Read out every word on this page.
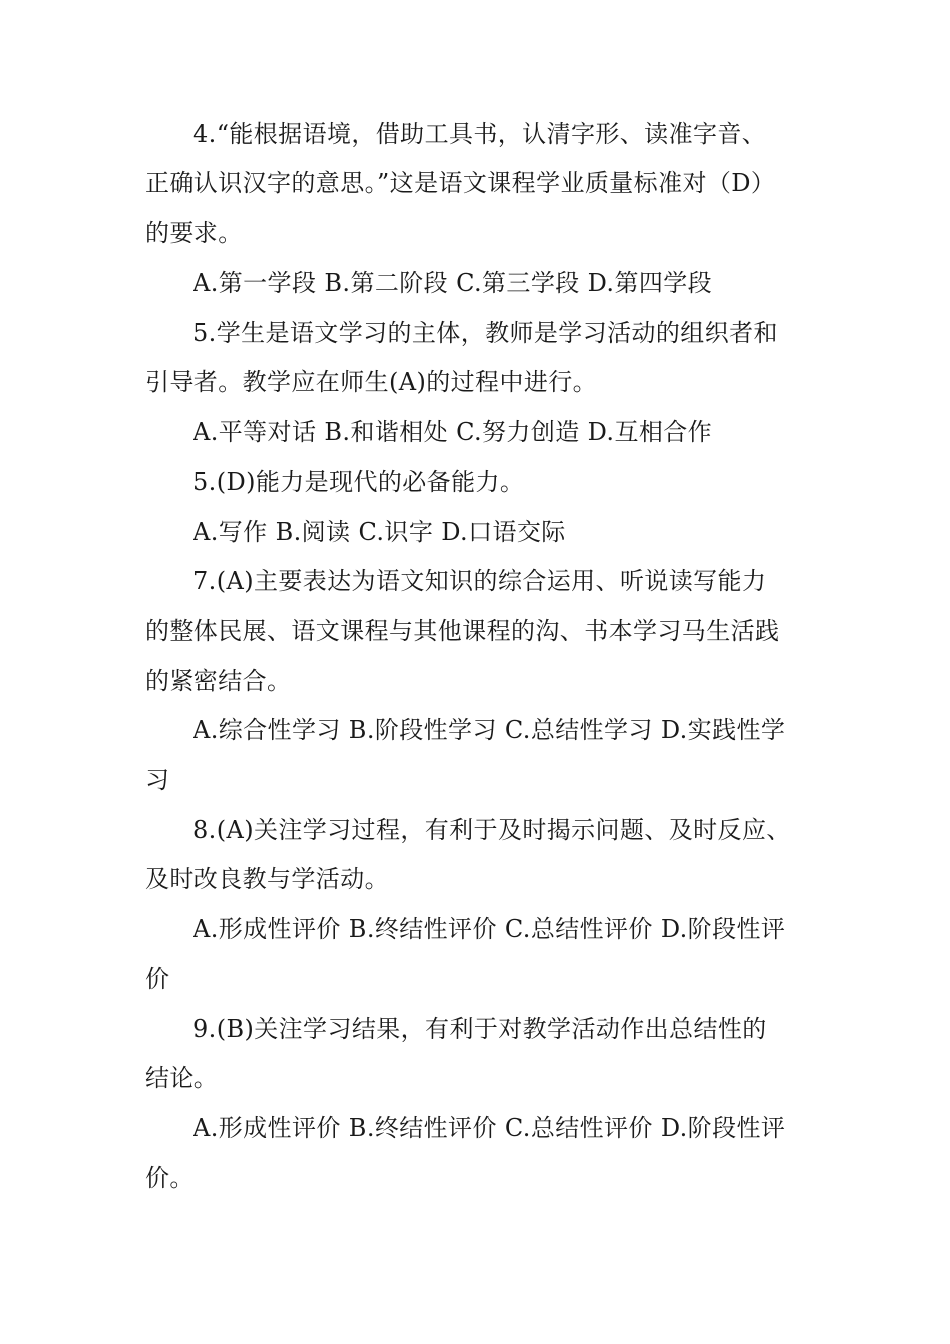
4.“能根据语境，借助工具书，认清字形、读准字音、
正确认识汉字的意思。”这是语文课程学业质量标准对（D）
的要求。
A.第一学段 B.第二阶段 C.第三学段 D.第四学段
5.学生是语文学习的主体，教师是学习活动的组织者和
引导者。教学应在师生(A)的过程中进行。
A.平等对话 B.和谐相处 C.努力创造 D.互相合作
5.(D)能力是现代的必备能力。
A.写作 B.阅读 C.识字 D.口语交际
7.(A)主要表达为语文知识的综合运用、听说读写能力
的整体民展、语文课程与其他课程的沟、书本学习马生活践
的紧密结合。
A.综合性学习 B.阶段性学习 C.总结性学习 D.实践性学
习
8.(A)关注学习过程，有利于及时揭示问题、及时反应、
及时改良教与学活动。
A.形成性评价 B.终结性评价 C.总结性评价 D.阶段性评
价
9.(B)关注学习结果，有利于对教学活动作出总结性的
结论。
A.形成性评价 B.终结性评价 C.总结性评价 D.阶段性评
价。
